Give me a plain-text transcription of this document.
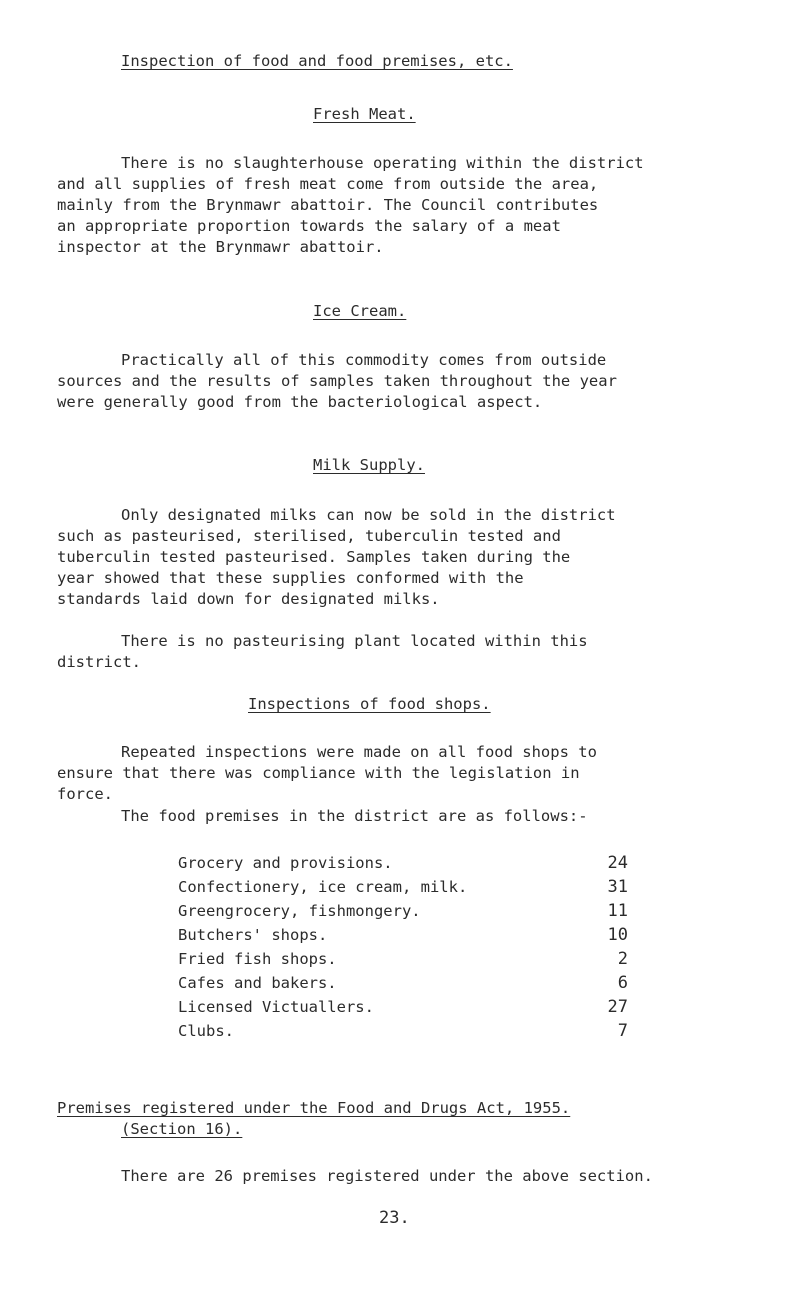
Inspection of food and food premises, etc.
Fresh Meat.

There is no slaughterhouse operating within the district
and all supplies of fresh meat come from outside the area,
mainly from the Brynmawr abattoir. The Council contributes
an appropriate proportion towards the salary of a meat
inspector at the Brynmawr abattoir.

Ice Cream.

Practically all of this commodity comes from outside
sources and the results of samples taken throughout the year
were generally good from the bacteriological aspect.

Milk Supply.

Only designated milks can now be sold in the district
such as pasteurised, sterilised, tuberculin tested and
tuberculin tested pasteurised. Samples taken during the
year showed that these supplies conformed with the
standards laid down for designated milks.

There is no pasteurising plant located within this
district.

Inspections of food shops.

Repeated inspections were made on all food shops to
ensure that there was compliance with the legislation in
force.

The food premises in the district are as follows:-
Grocery and provisions.	24
Confectionery, ice cream, milk.	31
Greengrocery, fishmongery.	11
Butchers' shops.	10
Fried fish shops.	2
Cafes and bakers.	6
Licensed Victuallers.	27
Clubs.	7
Premises registered under the Food and Drugs Act, 1955.
(Section 16).
There are 26 premises registered under the above section.
23.
